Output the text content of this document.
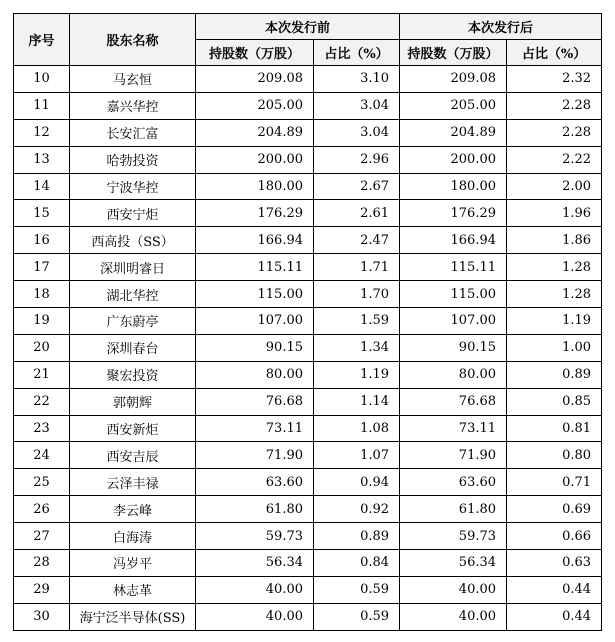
序号	股东名称	本次发行前		本次发行后	
		持股数（万股）	占比（%）	持股数（万股）	占比（%）
10	马玄恒	209.08	3.10	209.08	2.32
11	嘉兴华控	205.00	3.04	205.00	2.28
12	长安汇富	204.89	3.04	204.89	2.28
13	哈勃投资	200.00	2.96	200.00	2.22
14	宁波华控	180.00	2.67	180.00	2.00
15	西安宁炬	176.29	2.61	176.29	1.96
16	西高投（SS）	166.94	2.47	166.94	1.86
17	深圳明睿日	115.11	1.71	115.11	1.28
18	湖北华控	115.00	1.70	115.00	1.28
19	广东蔚亭	107.00	1.59	107.00	1.19
20	深圳春台	90.15	1.34	90.15	1.00
21	聚宏投资	80.00	1.19	80.00	0.89
22	郭朝辉	76.68	1.14	76.68	0.85
23	西安新炬	73.11	1.08	73.11	0.81
24	西安吉辰	71.90	1.07	71.90	0.80
25	云泽丰禄	63.60	0.94	63.60	0.71
26	李云峰	61.80	0.92	61.80	0.69
27	白海涛	59.73	0.89	59.73	0.66
28	冯岁平	56.34	0.84	56.34	0.63
29	林志革	40.00	0.59	40.00	0.44
30	海宁泛半导体(SS)	40.00	0.59	40.00	0.44
